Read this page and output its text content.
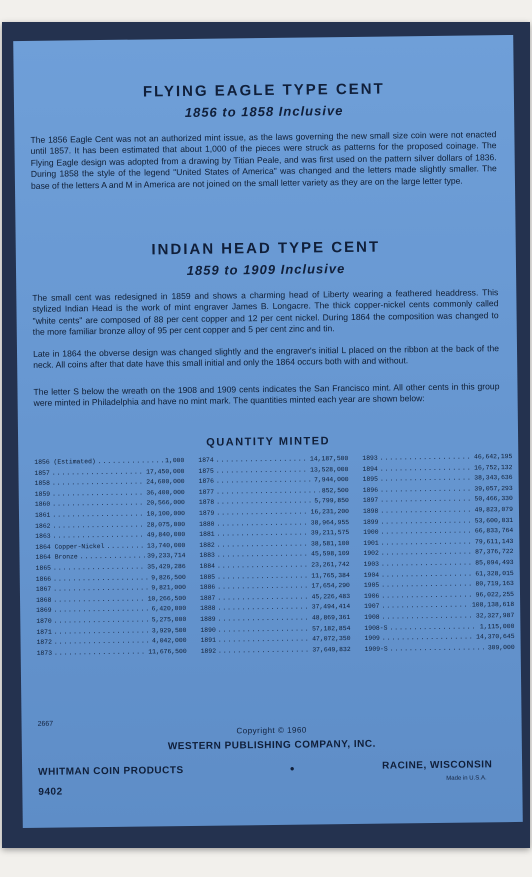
FLYING EAGLE TYPE CENT
1856 to 1858 Inclusive

The 1856 Eagle Cent was not an authorized mint issue, as the laws governing the new small size coin were not enacted until 1857. It has been estimated that about 1,000 of the pieces were struck as patterns for the proposed coinage. The Flying Eagle design was adopted from a drawing by Titian Peale, and was first used on the pattern silver dollars of 1836. During 1858 the style of the legend "United States of America" was changed and the letters made slightly smaller. The base of the letters A and M in America are not joined on the small letter variety as they are on the large letter type.

INDIAN HEAD TYPE CENT
1859 to 1909 Inclusive

The small cent was redesigned in 1859 and shows a charming head of Liberty wearing a feathered headdress. This stylized Indian Head is the work of mint engraver James B. Longacre. The thick copper-nickel cents commonly called "white cents" are composed of 88 per cent copper and 12 per cent nickel. During 1864 the composition was changed to the more familiar bronze alloy of 95 per cent copper and 5 per cent zinc and tin.

Late in 1864 the obverse design was changed slightly and the engraver's initial L placed on the ribbon at the back of the neck. All coins after that date have this small initial and only the 1864 occurs both with and without.

The letter S below the wreath on the 1908 and 1909 cents indicates the San Francisco mint. All other cents in this group were minted in Philadelphia and have no mint mark. The quantities minted each year are shown below:

QUANTITY MINTED
1856 (Estimated) .....	1,000
1857 .....	17,450,000
1858 .....	24,600,000
1859 .....	36,400,000
1860 .....	20,566,000
1861 .....	10,100,000
1862 .....	28,075,000
1863 .....	49,840,000
1864 Copper-Nickel .....	13,740,000
1864 Bronze .....	39,233,714
1865 .....	35,429,286
1866 .....	9,826,500
1867 .....	9,821,000
1868 .....	10,266,500
1869 .....	6,420,000
1870 .....	5,275,000
1871 .....	3,929,500
1872 .....	4,042,000
1873 .....	11,676,500
1874 .....	14,187,500
1875 .....	13,528,000
1876 .....	7,944,000
1877 .....	852,500
1878 .....	5,799,850
1879 .....	16,231,200
1880 .....	38,964,955
1881 .....	39,211,575
1882 .....	38,581,100
1883 .....	45,598,109
1884 .....	23,261,742
1885 .....	11,765,384
1886 .....	17,654,290
1887 .....	45,226,483
1888 .....	37,494,414
1889 .....	48,869,361
1890 .....	57,182,854
1891 .....	47,072,350
1892 .....	37,649,832
1893 .....	46,642,195
1894 .....	16,752,132
1895 .....	38,343,636
1896 .....	39,057,293
1897 .....	50,466,330
1898 .....	49,823,079
1899 .....	53,600,031
1900 .....	66,833,764
1901 .....	79,611,143
1902 .....	87,376,722
1903 .....	85,094,493
1904 .....	61,328,015
1905 .....	80,719,163
1906 .....	96,022,255
1907 .....	108,138,618
1908 .....	32,327,987
1908-S .....	1,115,000
1909 .....	14,370,645
1909-S .....	309,000
2667
Copyright © 1960
WESTERN PUBLISHING COMPANY, INC.
WHITMAN COIN PRODUCTS	•	RACINE, WISCONSIN
Made in U.S.A.
9402
